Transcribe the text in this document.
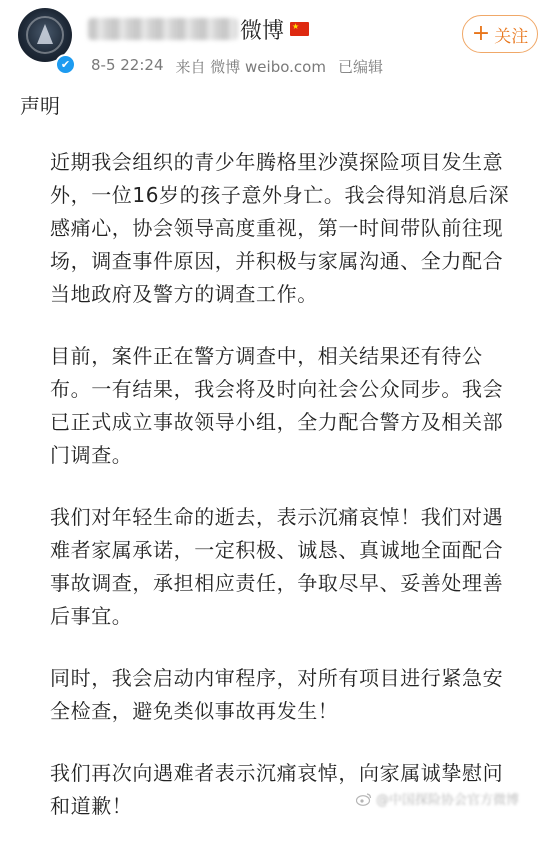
✔
微博 ★
8-5 22:24 来自 微博 weibo.com 已编辑
+ 关注
声明

近期我会组织的青少年腾格里沙漠探险项目发生意外，一位16岁的孩子意外身亡。我会得知消息后深感痛心，协会领导高度重视，第一时间带队前往现场，调查事件原因，并积极与家属沟通、全力配合当地政府及警方的调查工作。

目前，案件正在警方调查中，相关结果还有待公布。一有结果，我会将及时向社会公众同步。我会已正式成立事故领导小组，全力配合警方及相关部门调查。

我们对年轻生命的逝去，表示沉痛哀悼！我们对遇难者家属承诺，一定积极、诚恳、真诚地全面配合事故调查，承担相应责任，争取尽早、妥善处理善后事宜。

同时，我会启动内审程序，对所有项目进行紧急安全检查，避免类似事故再发生！

我们再次向遇难者表示沉痛哀悼，向家属诚挚慰问和道歉！	@中国探险协会官方微博
